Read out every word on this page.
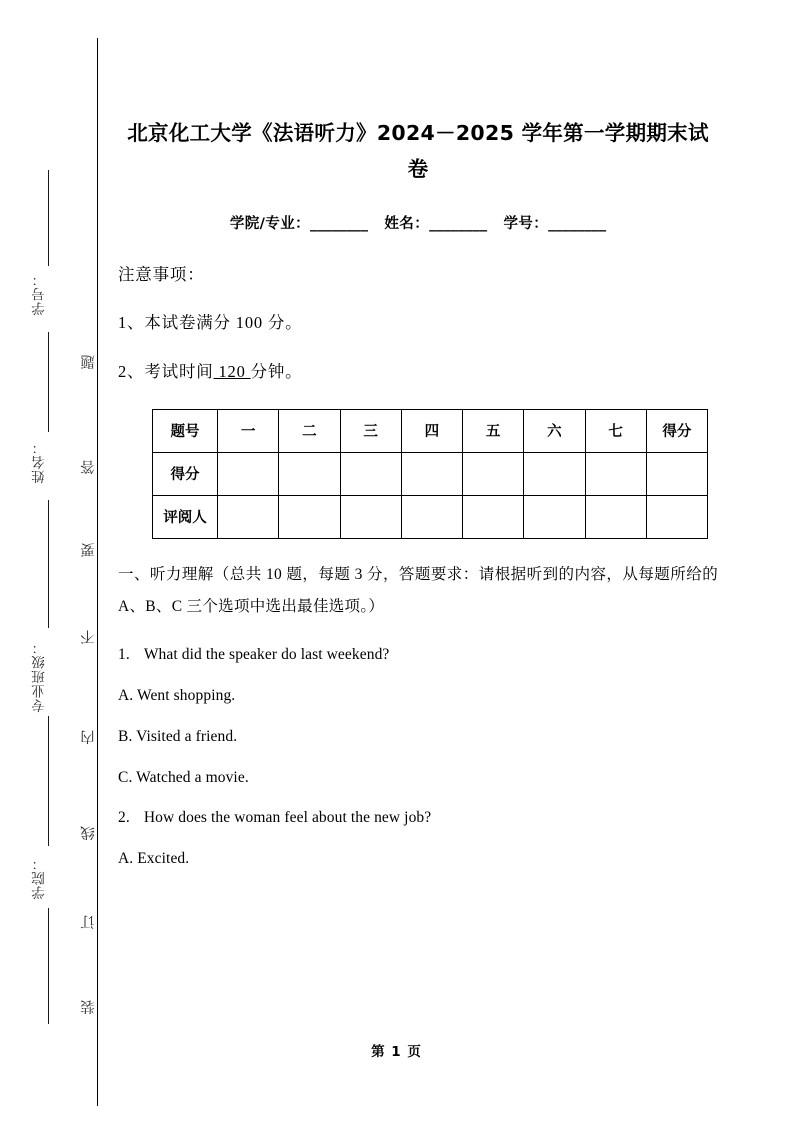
学号：
姓名：
专业班级：
学院：
题
答
要
不
内
线
订
装
北京化工大学《法语听力》2024－2025 学年第一学期期末试卷
学院/专业：________ 姓名：________ 学号：________

注意事项：

1、本试卷满分 100 分。

2、考试时间 120 分钟。

题号	一	二	三	四	五	六	七	得分
得分								
评阅人								

一、听力理解（总共 10 题，每题 3 分，答题要求：请根据听到的内容，从每题所给的 A、B、C 三个选项中选出最佳选项。）

1. What did the speaker do last weekend?

A. Went shopping.

B. Visited a friend.

C. Watched a movie.

2. How does the woman feel about the new job?

A. Excited.

第 1 页
